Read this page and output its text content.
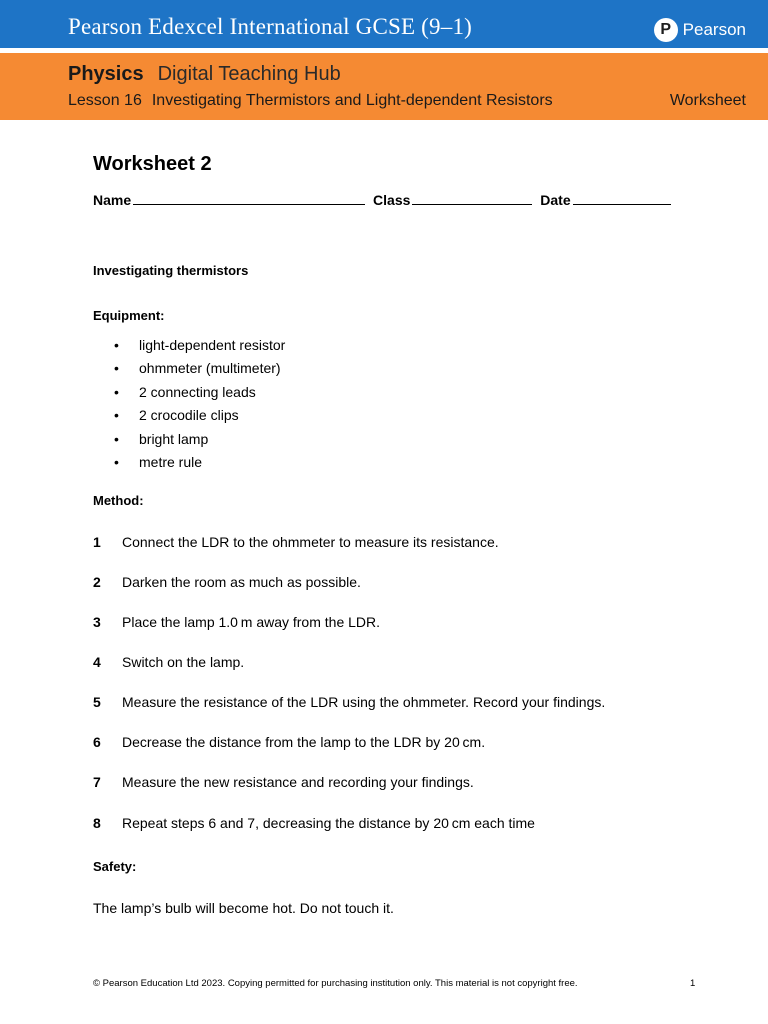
Pearson Edexcel International GCSE (9–1)	P Pearson
Physics Digital Teaching Hub
Lesson 16 Investigating Thermistors and Light-dependent Resistors	Worksheet
Worksheet 2
Name	Class	Date
Investigating thermistors
Equipment:
• light-dependent resistor
• ohmmeter (multimeter)
• 2 connecting leads
• 2 crocodile clips
• bright lamp
• metre rule
Method:
1 Connect the LDR to the ohmmeter to measure its resistance.
2 Darken the room as much as possible.
3 Place the lamp 1.0 m away from the LDR.
4 Switch on the lamp.
5 Measure the resistance of the LDR using the ohmmeter. Record your findings.
6 Decrease the distance from the lamp to the LDR by 20 cm.
7 Measure the new resistance and recording your findings.
8 Repeat steps 6 and 7, decreasing the distance by 20 cm each time
Safety:
The lamp’s bulb will become hot. Do not touch it.
© Pearson Education Ltd 2023. Copying permitted for purchasing institution only. This material is not copyright free.	1
